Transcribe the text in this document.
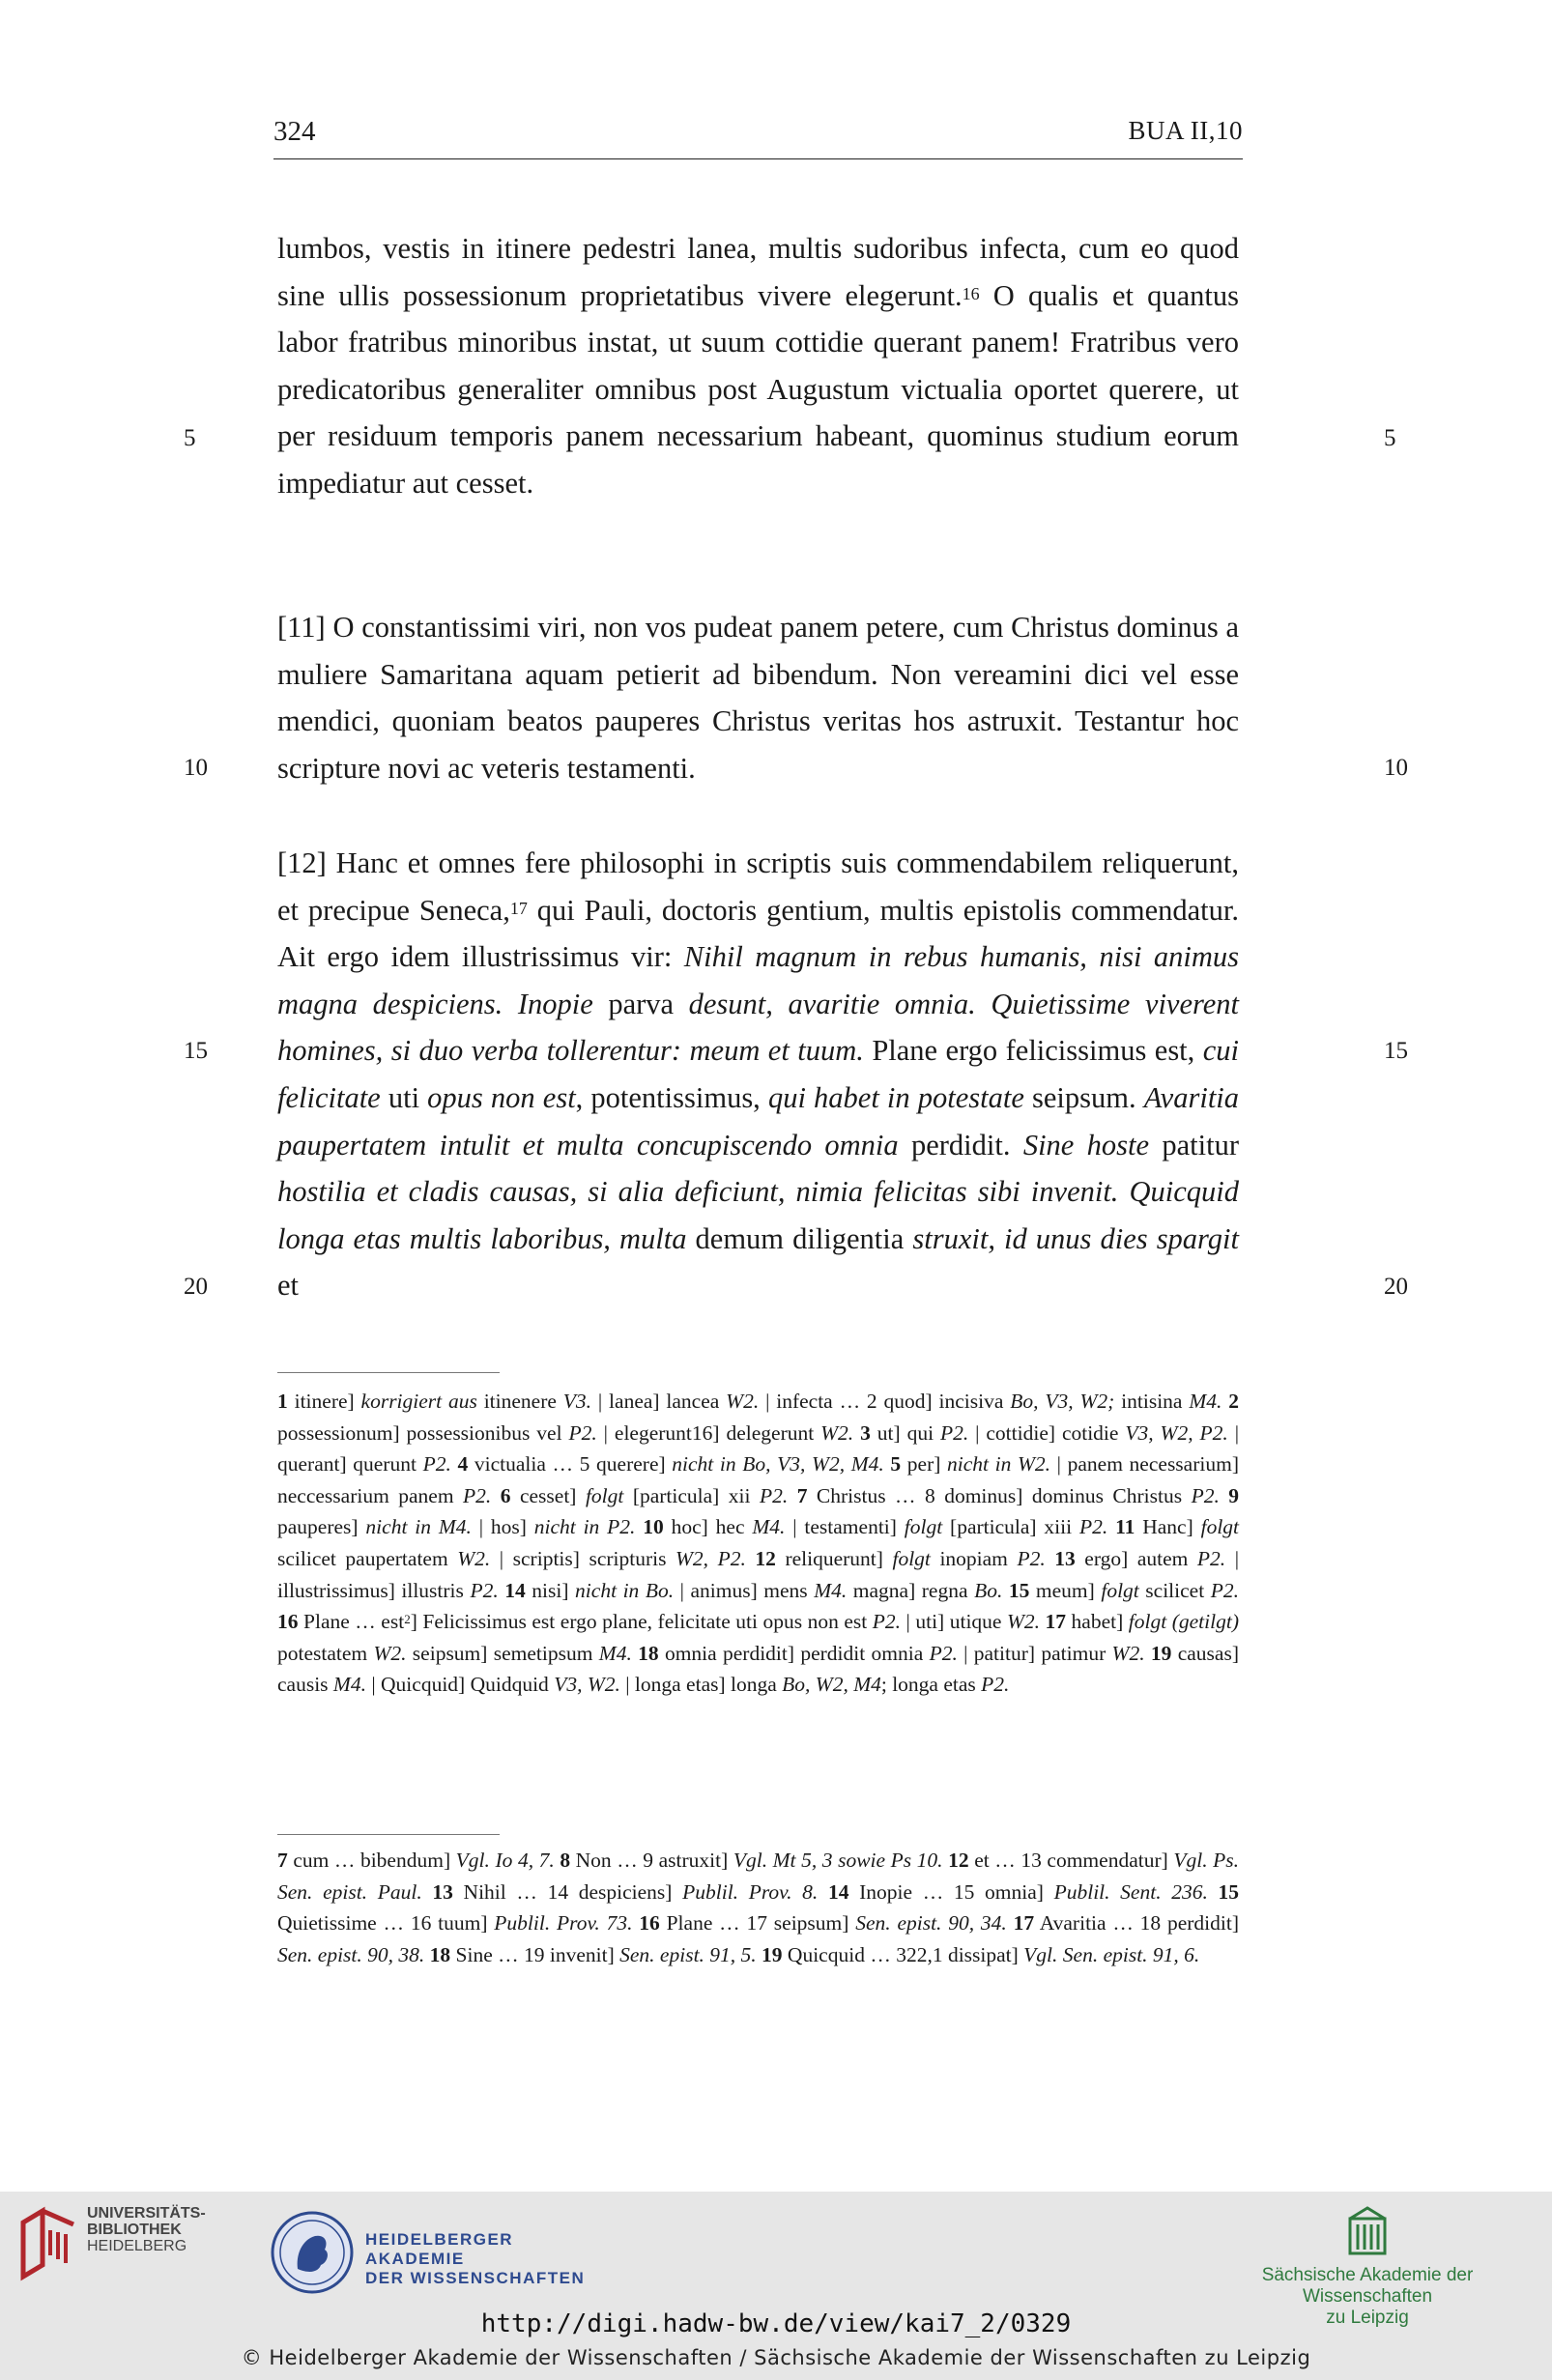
324	BUA II,10

lumbos, vestis in itinere pedestri lanea, multis sudoribus infecta, cum eo quod sine ullis possessionum proprietatibus vivere elegerunt.$^{16}$ O qualis et quantus labor fratribus minoribus instat, ut suum cottidie querant panem! Fratribus vero predicatoribus generaliter omnibus post Augustum victualia oportet querere, ut per residuum temporis panem necessarium habeant, quominus studium eorum impediatur aut cesset.

[11] O constantissimi viri, non vos pudeat panem petere, cum Christus dominus a muliere Samaritana aquam petierit ad bibendum. Non vereamini dici vel esse mendici, quoniam beatos pauperes Christus veritas hos astruxit. Testantur hoc scripture novi ac veteris testamenti.

[12] Hanc et omnes fere philosophi in scriptis suis commendabilem reliquerunt, et precipue Seneca,$^{17}$ qui Pauli, doctoris gentium, multis epistolis commendatur. Ait ergo idem illustrissimus vir: Nihil magnum in rebus humanis, nisi animus magna despiciens. Inopie parva desunt, avaritie omnia. Quietissime viverent homines, si duo verba tollerentur: meum et tuum. Plane ergo felicissimus est, cui felicitate uti opus non est, potentissimus, qui habet in potestate seipsum. Avaritia paupertatem intulit et multa concupiscendo omnia perdidit. Sine hoste patitur hostilia et cladis causas, si alia deficiunt, nimia felicitas sibi invenit. Quicquid longa etas multis laboribus, multa demum diligentia struxit, id unus dies spargit et

5	5
10	10
15	15
20	20
1 itinere] korrigiert aus itinenere V3. | lanea] lancea W2. | infecta … 2 quod] incisiva Bo, V3, W2; intisina M4. 2 possessionum] possessionibus vel P2. | elegerunt16] delegerunt W2. 3 ut] qui P2. | cottidie] cotidie V3, W2, P2. | querant] querunt P2. 4 victualia … 5 querere] nicht in Bo, V3, W2, M4. 5 per] nicht in W2. | panem necessarium] neccessarium panem P2. 6 cesset] folgt [particula] xii P2. 7 Christus … 8 dominus] dominus Christus P2. 9 pauperes] nicht in M4. | hos] nicht in P2. 10 hoc] hec M4. | testamenti] folgt [particula] xiii P2. 11 Hanc] folgt scilicet paupertatem W2. | scriptis] scripturis W2, P2. 12 reliquerunt] folgt inopiam P2. 13 ergo] autem P2. | illustrissimus] illustris P2. 14 nisi] nicht in Bo. | animus] mens M4. magna] regna Bo. 15 meum] folgt scilicet P2. 16 Plane … est$^2$] Felicissimus est ergo plane, felicitate uti opus non est P2. | uti] utique W2. 17 habet] folgt (getilgt) potestatem W2. seipsum] semetipsum M4. 18 omnia perdidit] perdidit omnia P2. | patitur] patimur W2. 19 causas] causis M4. | Quicquid] Quidquid V3, W2. | longa etas] longa Bo, W2, M4; longa etas P2.
7 cum … bibendum] Vgl. Io 4, 7. 8 Non … 9 astruxit] Vgl. Mt 5, 3 sowie Ps 10. 12 et … 13 commendatur] Vgl. Ps. Sen. epist. Paul. 13 Nihil … 14 despiciens] Publil. Prov. 8. 14 Inopie … 15 omnia] Publil. Sent. 236. 15 Quietissime … 16 tuum] Publil. Prov. 73. 16 Plane … 17 seipsum] Sen. epist. 90, 34. 17 Avaritia … 18 perdidit] Sen. epist. 90, 38. 18 Sine … 19 invenit] Sen. epist. 91, 5. 19 Quicquid … 322,1 dissipat] Vgl. Sen. epist. 91, 6.
UNIVERSITÄTS-
BIBLIOTHEK
HEIDELBERG	HEIDELBERGER AKADEMIE
DER WISSENSCHAFTEN	Sächsische Akademie der Wissenschaften
zu Leipzig
http://digi.hadw-bw.de/view/kai7_2/0329
© Heidelberger Akademie der Wissenschaften / Sächsische Akademie der Wissenschaften zu Leipzig
